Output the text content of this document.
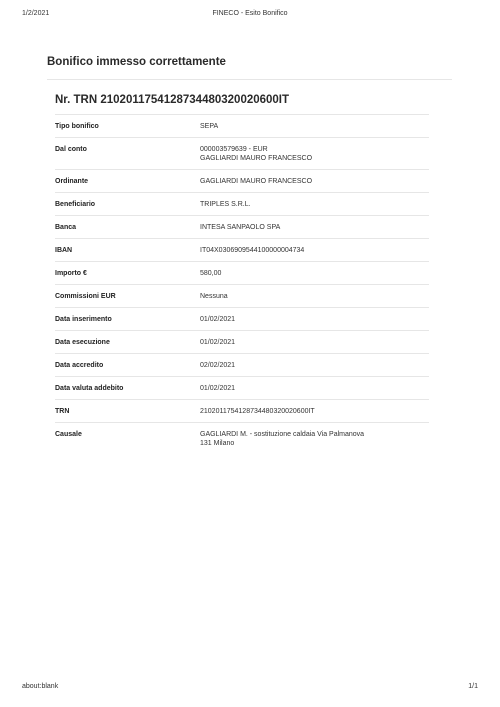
1/2/2021	FINECO - Esito Bonifico
Bonifico immesso correttamente
Nr. TRN 2102011754128734480320020600IT
Tipo bonifico	SEPA
Dal conto	000003579639 - EUR
GAGLIARDI MAURO FRANCESCO
Ordinante	GAGLIARDI MAURO FRANCESCO
Beneficiario	TRIPLES S.R.L.
Banca	INTESA SANPAOLO SPA
IBAN	IT04X0306909544100000004734
Importo €	580,00
Commissioni EUR	Nessuna
Data inserimento	01/02/2021
Data esecuzione	01/02/2021
Data accredito	02/02/2021
Data valuta addebito	01/02/2021
TRN	2102011754128734480320020600IT
Causale	GAGLIARDI M. - sostituzione caldaia Via Palmanova
131 Milano
about:blank	1/1
